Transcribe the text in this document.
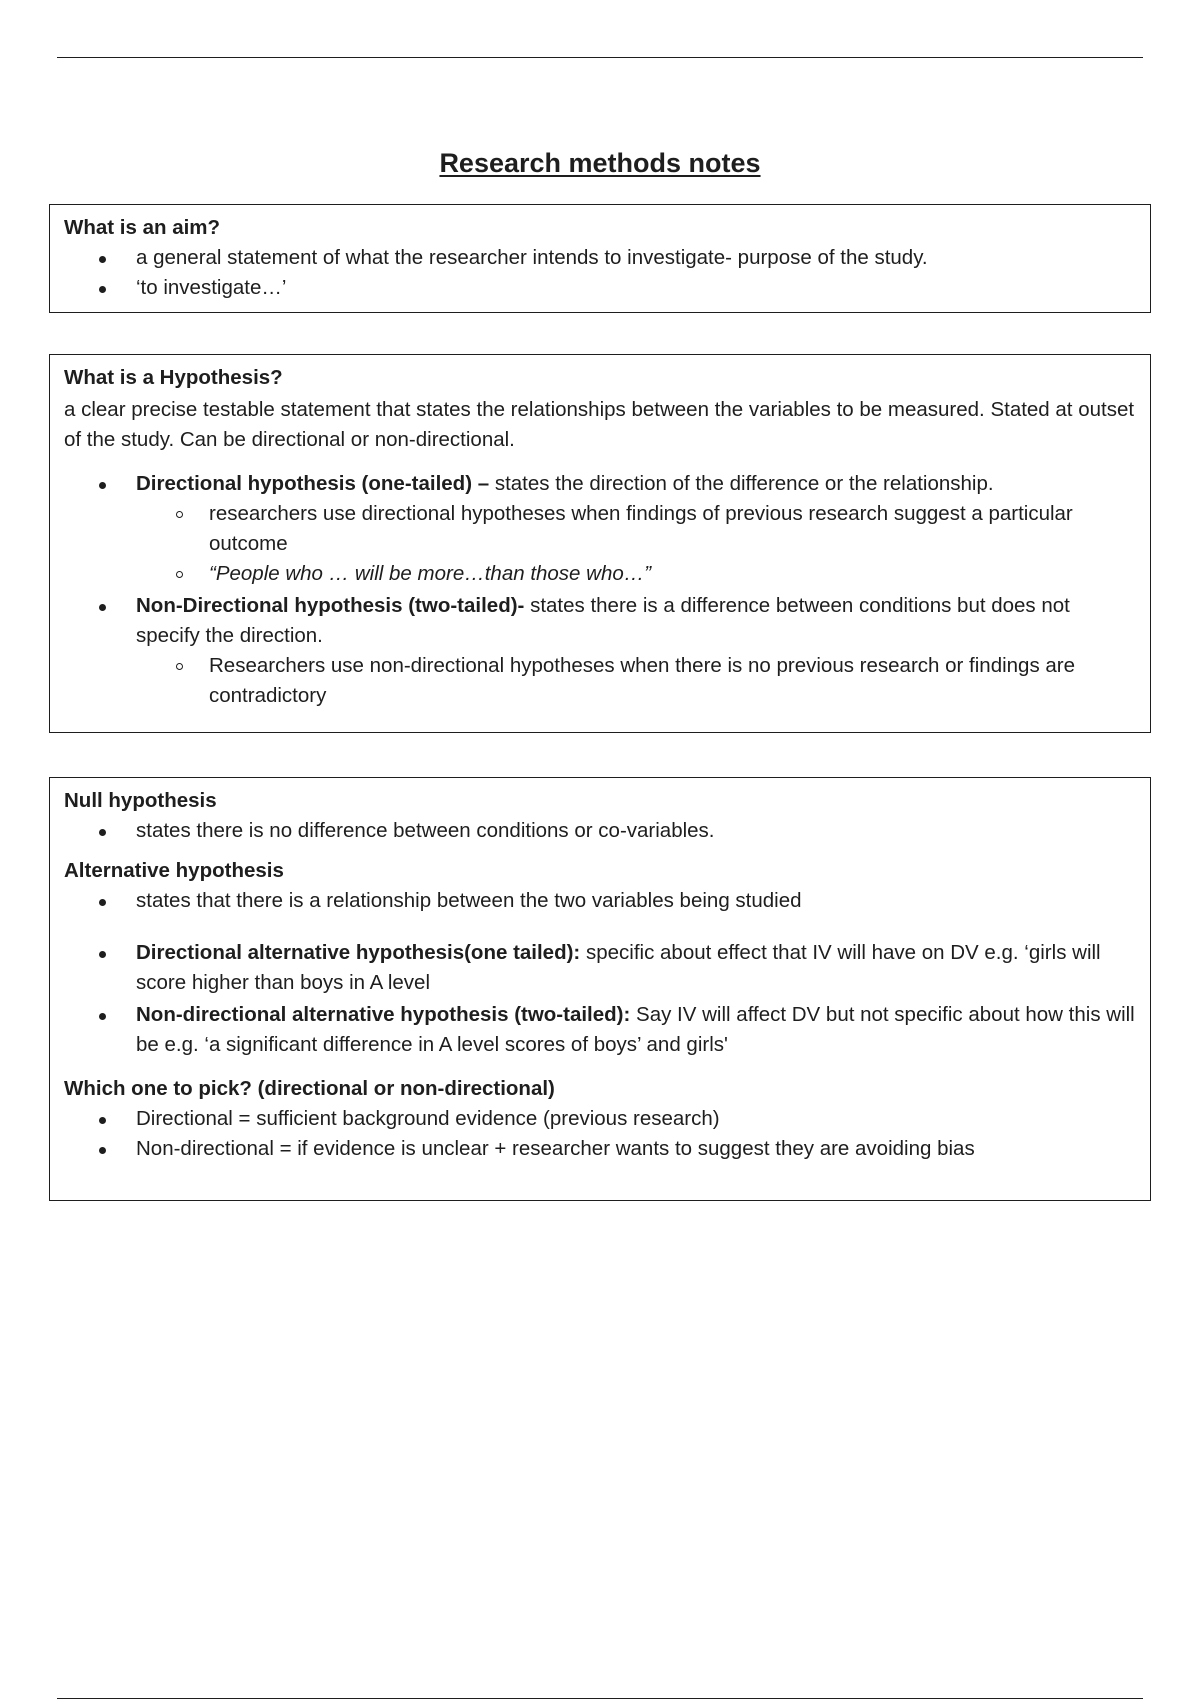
Research methods notes

What is an aim?

a general statement of what the researcher intends to investigate- purpose of the study.
‘to investigate…’

What is a Hypothesis?

a clear precise testable statement that states the relationships between the variables to be measured. Stated at outset of the study. Can be directional or non-directional.

Directional hypothesis (one-tailed) – states the direction of the difference or the relationship.
researchers use directional hypotheses when findings of previous research suggest a particular outcome
“People who … will be more…than those who…”
Non-Directional hypothesis (two-tailed)- states there is a difference between conditions but does not specify the direction.
Researchers use non-directional hypotheses when there is no previous research or findings are contradictory

Null hypothesis

states there is no difference between conditions or co-variables.

Alternative hypothesis

states that there is a relationship between the two variables being studied
Directional alternative hypothesis(one tailed): specific about effect that IV will have on DV e.g. ‘girls will score higher than boys in A level
Non-directional alternative hypothesis (two-tailed): Say IV will affect DV but not specific about how this will be e.g. ‘a significant difference in A level scores of boys’ and girls'

Which one to pick? (directional or non-directional)

Directional = sufficient background evidence (previous research)
Non-directional = if evidence is unclear + researcher wants to suggest they are avoiding bias
